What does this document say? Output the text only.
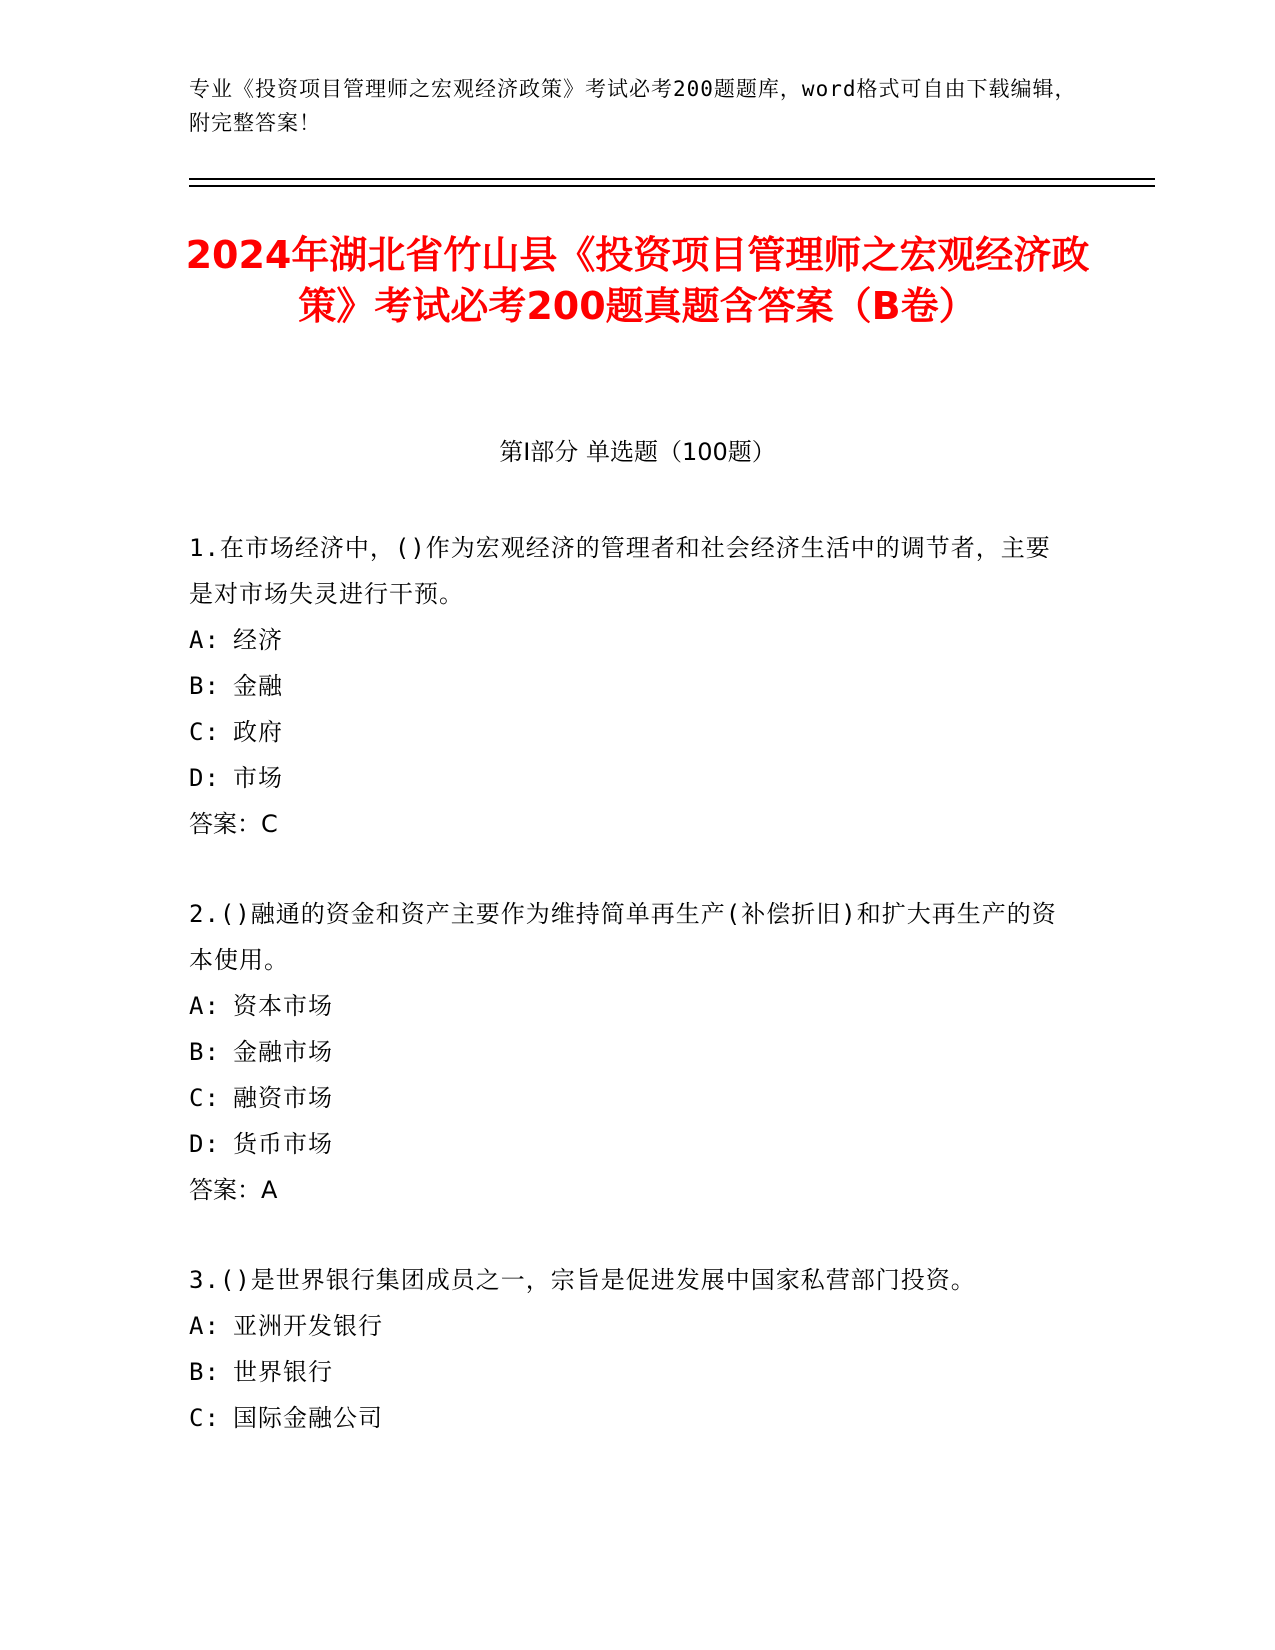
专业《投资项目管理师之宏观经济政策》考试必考200题题库，word格式可自由下载编辑，附完整答案！
2024年湖北省竹山县《投资项目管理师之宏观经济政策》考试必考200题真题含答案（B卷）
第Ⅰ部分 单选题（100题）
1.在市场经济中，()作为宏观经济的管理者和社会经济生活中的调节者，主要是对市场失灵进行干预。
A: 经济
B: 金融
C: 政府
D: 市场
答案：C
2.()融通的资金和资产主要作为维持简单再生产(补偿折旧)和扩大再生产的资本使用。
A: 资本市场
B: 金融市场
C: 融资市场
D: 货币市场
答案：A
3.()是世界银行集团成员之一，宗旨是促进发展中国家私营部门投资。
A: 亚洲开发银行
B: 世界银行
C: 国际金融公司
